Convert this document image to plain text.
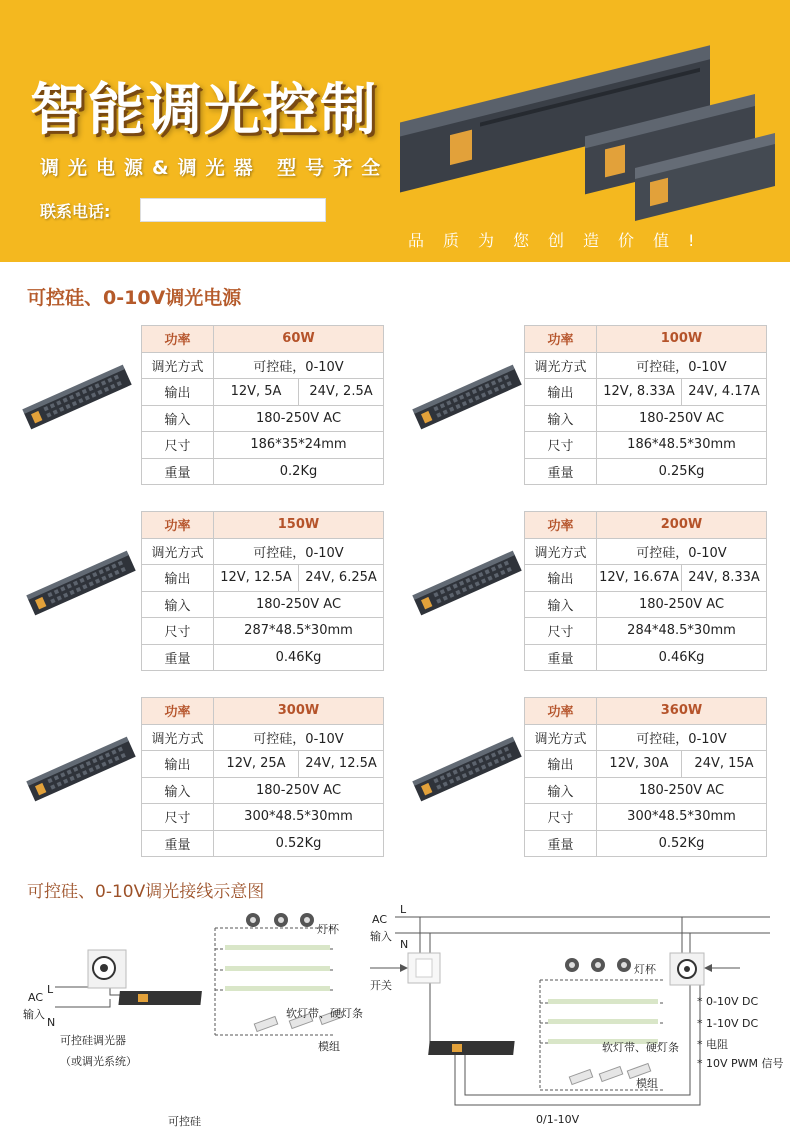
智能调光控制
调光电源&调光器 型号齐全
联系电话:
品质为您创造价值!
可控硅、0-10V调光电源
功率	60W	
调光方式	可控硅，0-10V	
输出	12V, 5A	24V, 2.5A
输入	180-250V AC	
尺寸	186*35*24mm	
重量	0.2Kg	
功率	100W	
调光方式	可控硅，0-10V	
输出	12V, 8.33A	24V, 4.17A
输入	180-250V AC	
尺寸	186*48.5*30mm	
重量	0.25Kg	
功率	150W	
调光方式	可控硅，0-10V	
输出	12V, 12.5A	24V, 6.25A
输入	180-250V AC	
尺寸	287*48.5*30mm	
重量	0.46Kg	
功率	200W	
调光方式	可控硅，0-10V	
输出	12V, 16.67A	24V, 8.33A
输入	180-250V AC	
尺寸	284*48.5*30mm	
重量	0.46Kg	
功率	300W	
调光方式	可控硅，0-10V	
输出	12V, 25A	24V, 12.5A
输入	180-250V AC	
尺寸	300*48.5*30mm	
重量	0.52Kg	
功率	360W	
调光方式	可控硅，0-10V	
输出	12V, 30A	24V, 15A
输入	180-250V AC	
尺寸	300*48.5*30mm	
重量	0.52Kg	
可控硅、0-10V调光接线示意图
AC
输入
L
N
可控硅调光器
（或调光系统）
灯杯
软灯带、硬灯条
模组
可控硅
AC
输入
L
N
开关
灯杯
软灯带、硬灯条
模组
* 0-10V DC
* 1-10V DC
* 电阻
* 10V PWM 信号
0/1-10V
